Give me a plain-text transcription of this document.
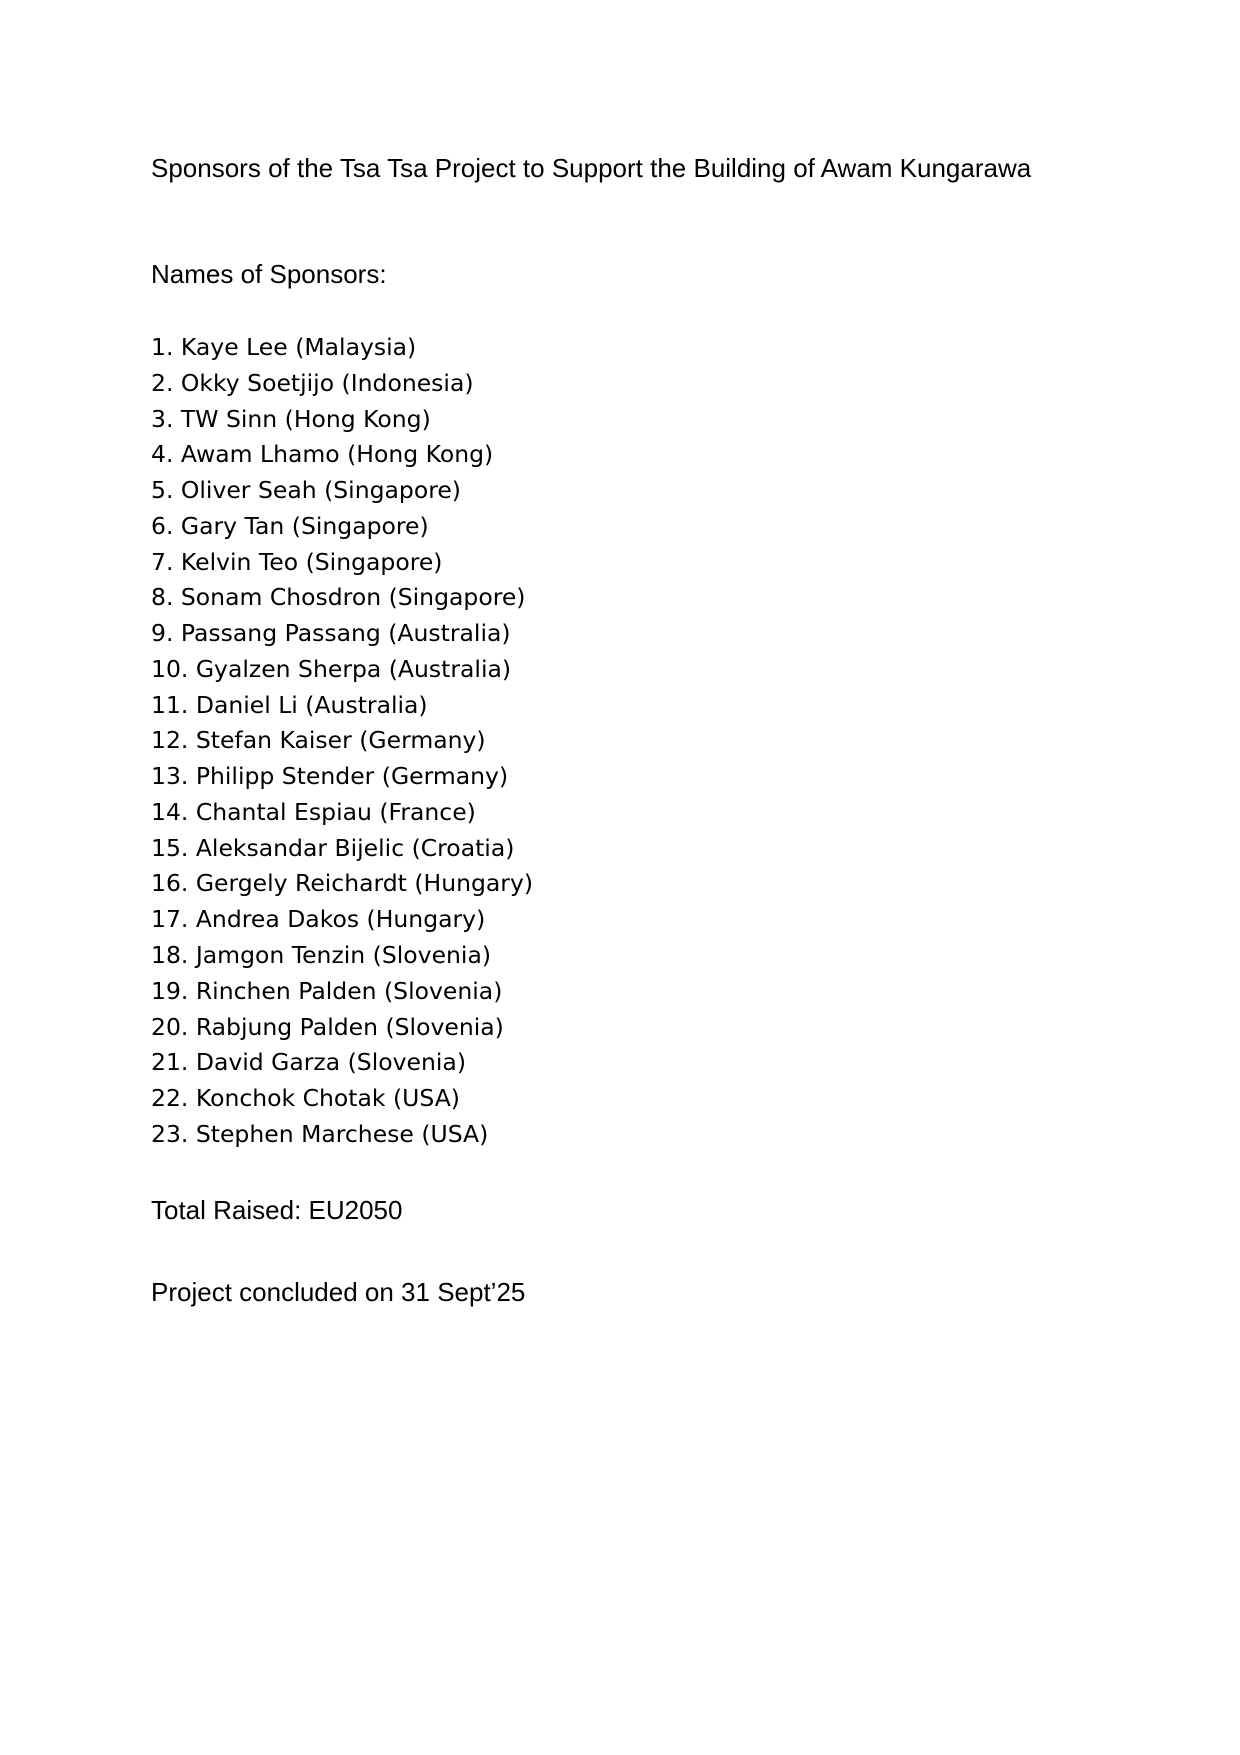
Sponsors of the Tsa Tsa Project to Support the Building of Awam Kungarawa
Names of Sponsors:
1. Kaye Lee (Malaysia)
2. Okky Soetjijo (Indonesia)
3. TW Sinn (Hong Kong)
4. Awam Lhamo (Hong Kong)
5. Oliver Seah (Singapore)
6. Gary Tan (Singapore)
7. Kelvin Teo (Singapore)
8. Sonam Chosdron (Singapore)
9. Passang Passang (Australia)
10. Gyalzen Sherpa (Australia)
11. Daniel Li (Australia)
12. Stefan Kaiser (Germany)
13. Philipp Stender (Germany)
14. Chantal Espiau (France)
15. Aleksandar Bijelic (Croatia)
16. Gergely Reichardt (Hungary)
17. Andrea Dakos (Hungary)
18. Jamgon Tenzin (Slovenia)
19. Rinchen Palden (Slovenia)
20. Rabjung Palden (Slovenia)
21. David Garza (Slovenia)
22. Konchok Chotak (USA)
23. Stephen Marchese (USA)
Total Raised: EU2050
Project concluded on 31 Sept’25
